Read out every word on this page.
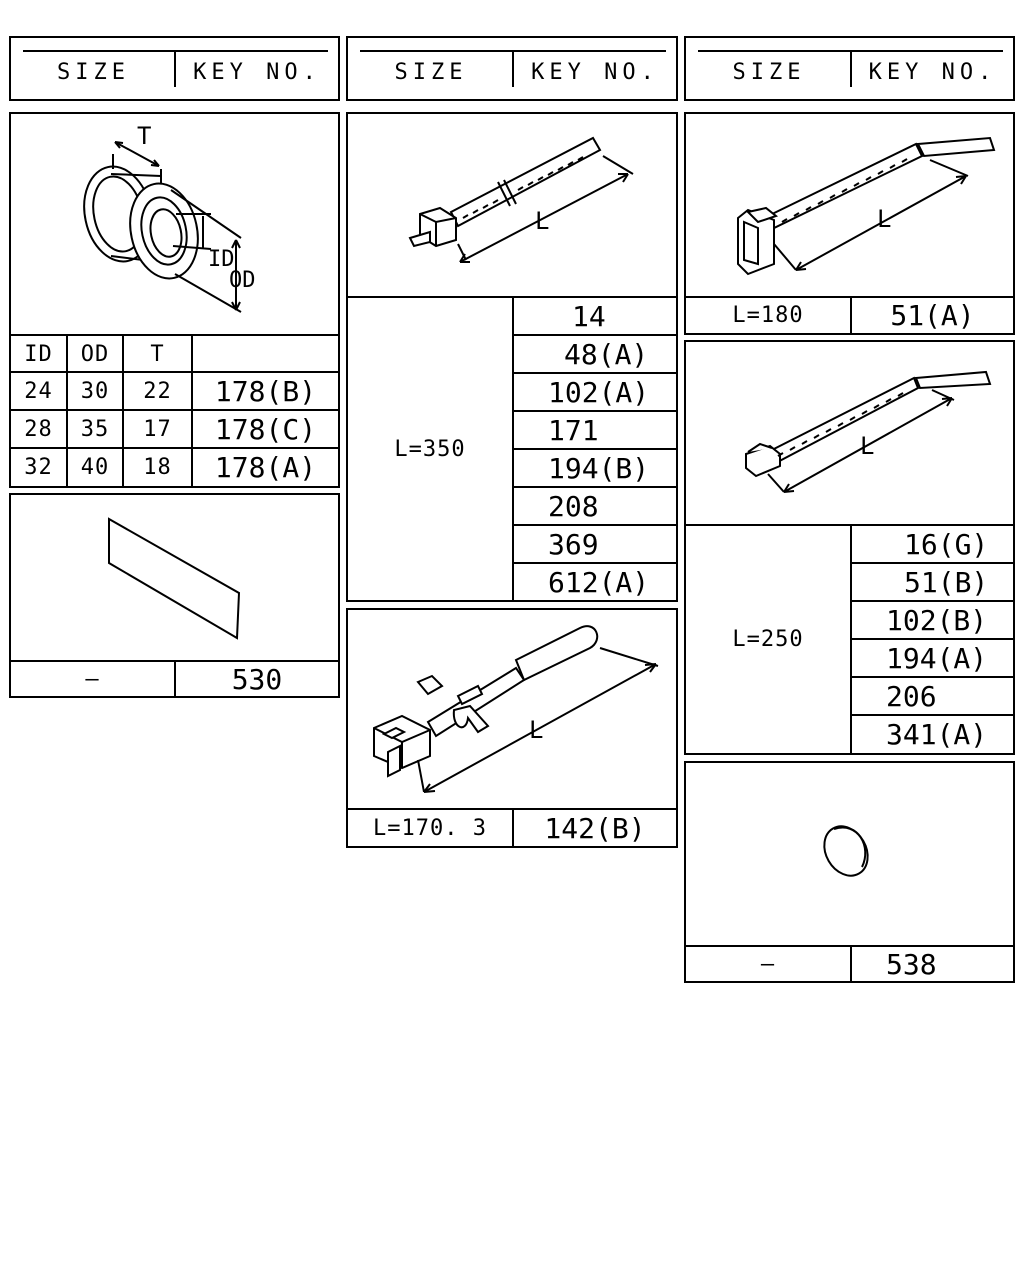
SIZE	KEY NO.
T
ID
OD
ID	OD	T
24	30	22	178(B)
28	35	17	178(C)
32	40	18	178(A)
—	530
SIZE	KEY NO.
L
L=350
14
48(A)
102(A)
171
194(B)
208
369
612(A)
L
L=170. 3	142(B)
SIZE	KEY NO.
L
L=180	51(A)
L
L=250
16(G)
51(B)
102(B)
194(A)
206
341(A)
—	538
